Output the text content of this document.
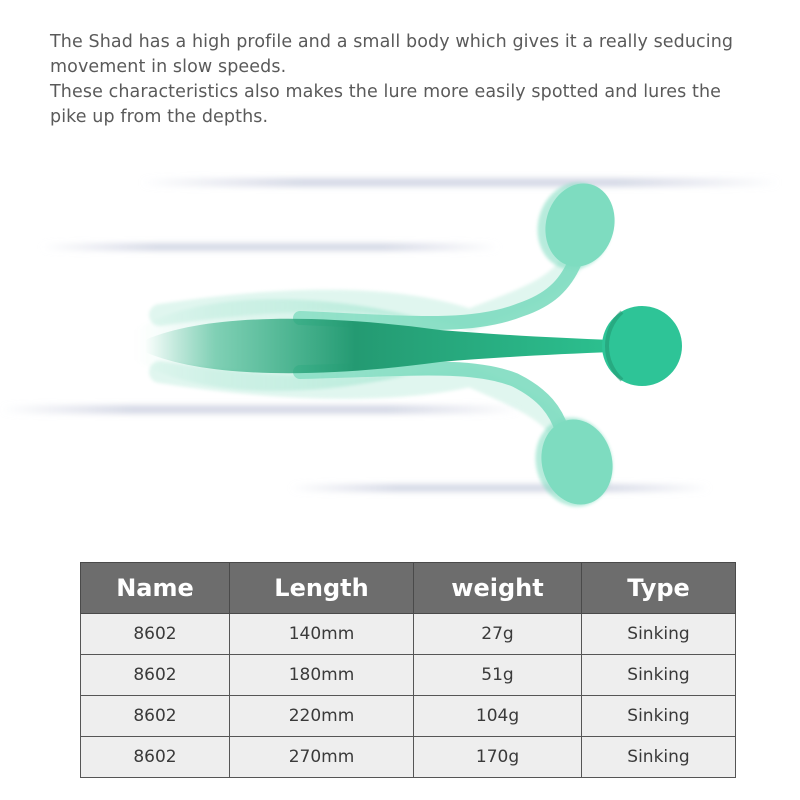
The Shad has a high profile and a small body which gives it a really seducing movement in slow speeds.

These characteristics also makes the lure more easily spotted and lures the pike up from the depths.

Name	Length	weight	Type
8602	140mm	27g	Sinking
8602	180mm	51g	Sinking
8602	220mm	104g	Sinking
8602	270mm	170g	Sinking
